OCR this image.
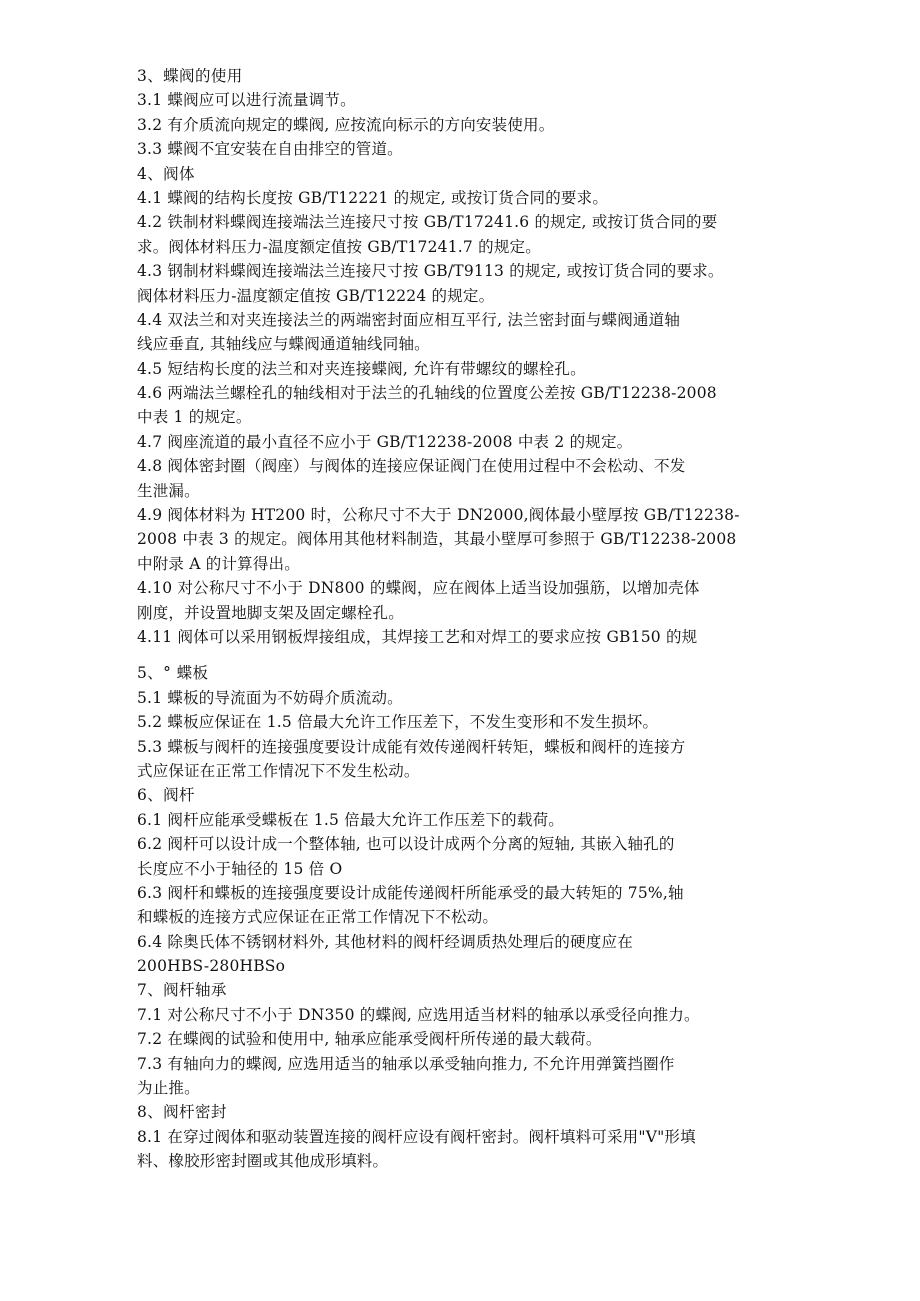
3、蝶阀的使用
3.1 蝶阀应可以进行流量调节。
3.2 有介质流向规定的蝶阀, 应按流向标示的方向安装使用。
3.3 蝶阀不宜安装在自由排空的管道。
4、阀体
4.1 蝶阀的结构长度按 GB/T12221 的规定, 或按订货合同的要求。
4.2 铁制材料蝶阀连接端法兰连接尺寸按 GB/T17241.6 的规定, 或按订货合同的要
求。阀体材料压力-温度额定值按 GB/T17241.7 的规定。
4.3 钢制材料蝶阀连接端法兰连接尺寸按 GB/T9113 的规定, 或按订货合同的要求。
阀体材料压力-温度额定值按 GB/T12224 的规定。
4.4 双法兰和对夹连接法兰的两端密封面应相互平行, 法兰密封面与蝶阀通道轴
线应垂直, 其轴线应与蝶阀通道轴线同轴。
4.5 短结构长度的法兰和对夹连接蝶阀, 允许有带螺纹的螺栓孔。
4.6 两端法兰螺栓孔的轴线相对于法兰的孔轴线的位置度公差按 GB/T12238-2008
中表 1 的规定。
4.7 阀座流道的最小直径不应小于 GB/T12238-2008 中表 2 的规定。
4.8 阀体密封圈（阀座）与阀体的连接应保证阀门在使用过程中不会松动、不发
生泄漏。
4.9 阀体材料为 HT200 时，公称尺寸不大于 DN2000,阀体最小壁厚按 GB/T12238-
2008 中表 3 的规定。阀体用其他材料制造，其最小壁厚可参照于 GB/T12238-2008
中附录 A 的计算得出。
4.10 对公称尺寸不小于 DN800 的蝶阀，应在阀体上适当设加强筋，以增加壳体
刚度，并设置地脚支架及固定螺栓孔。
4.11 阀体可以采用钢板焊接组成，其焊接工艺和对焊工的要求应按 GB150 的规
5、° 蝶板
5.1 蝶板的导流面为不妨碍介质流动。
5.2 蝶板应保证在 1.5 倍最大允许工作压差下，不发生变形和不发生损坏。
5.3 蝶板与阀杆的连接强度要设计成能有效传递阀杆转矩，蝶板和阀杆的连接方
式应保证在正常工作情况下不发生松动。
6、阀杆
6.1 阀杆应能承受蝶板在 1.5 倍最大允许工作压差下的载荷。
6.2 阀杆可以设计成一个整体轴, 也可以设计成两个分离的短轴, 其嵌入轴孔的
长度应不小于轴径的 15 倍 O
6.3 阀杆和蝶板的连接强度要设计成能传递阀杆所能承受的最大转矩的 75%,轴
和蝶板的连接方式应保证在正常工作情况下不松动。
6.4 除奥氏体不锈钢材料外, 其他材料的阀杆经调质热处理后的硬度应在
200HBS-280HBSo
7、阀杆轴承
7.1 对公称尺寸不小于 DN350 的蝶阀, 应选用适当材料的轴承以承受径向推力。
7.2 在蝶阀的试验和使用中, 轴承应能承受阀杆所传递的最大载荷。
7.3 有轴向力的蝶阀, 应选用适当的轴承以承受轴向推力, 不允许用弹簧挡圈作
为止推。
8、阀杆密封
8.1 在穿过阀体和驱动装置连接的阀杆应设有阀杆密封。阀杆填料可采用"V"形填
料、橡胶形密封圈或其他成形填料。
